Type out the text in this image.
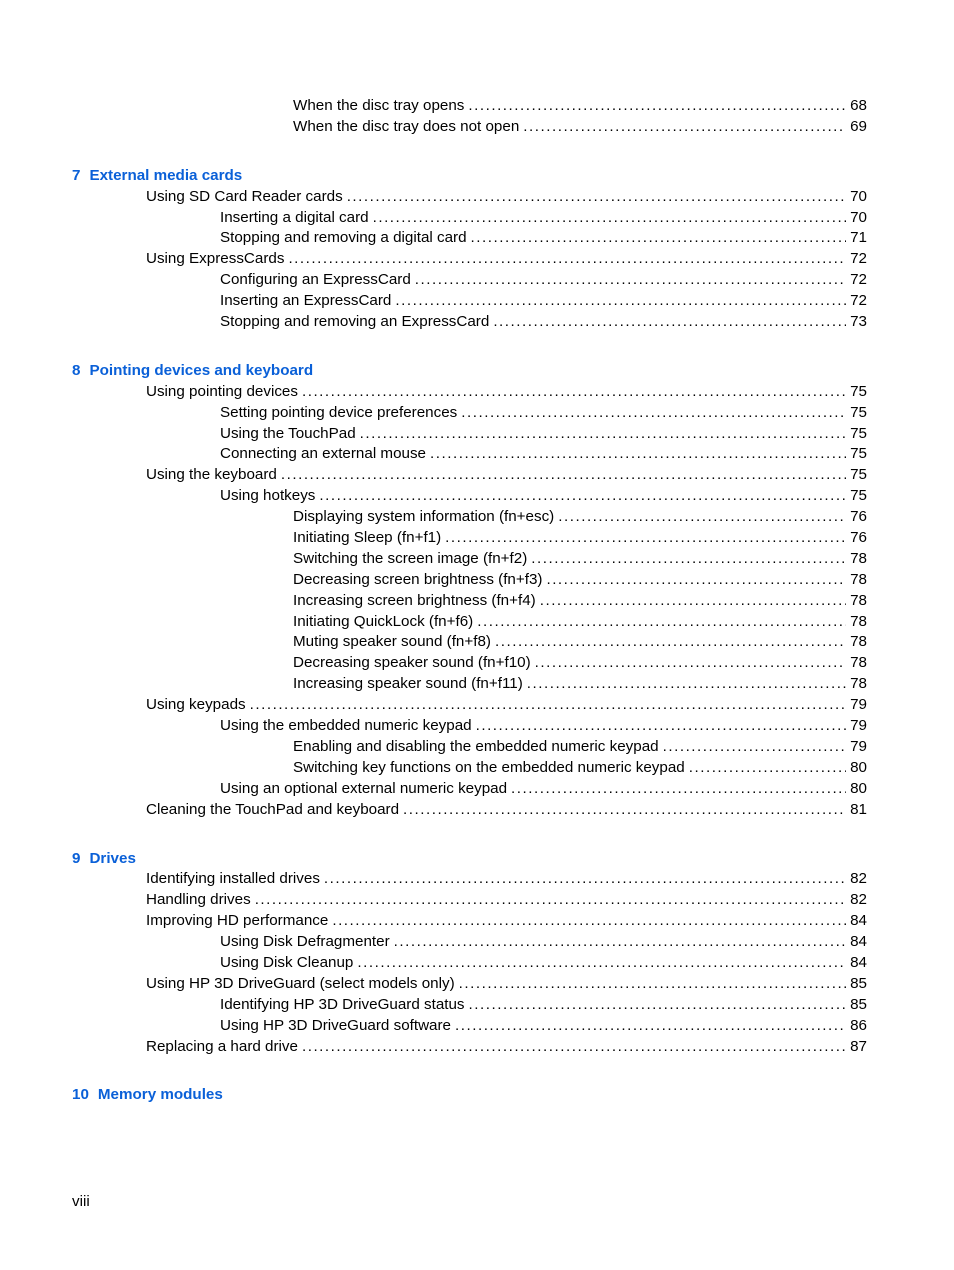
When the disc tray opens . . .	68
When the disc tray does not open . . .	69
7 External media cards
Using SD Card Reader cards . . .	70
Inserting a digital card . . .	70
Stopping and removing a digital card . . .	71
Using ExpressCards . . .	72
Configuring an ExpressCard . . .	72
Inserting an ExpressCard . . .	72
Stopping and removing an ExpressCard . . .	73
8 Pointing devices and keyboard
Using pointing devices . . .	75
Setting pointing device preferences . . .	75
Using the TouchPad . . .	75
Connecting an external mouse . . .	75
Using the keyboard . . .	75
Using hotkeys . . .	75
Displaying system information (fn+esc) . . .	76
Initiating Sleep (fn+f1) . . .	76
Switching the screen image (fn+f2) . . .	78
Decreasing screen brightness (fn+f3) . . .	78
Increasing screen brightness (fn+f4) . . .	78
Initiating QuickLock (fn+f6) . . .	78
Muting speaker sound (fn+f8) . . .	78
Decreasing speaker sound (fn+f10) . . .	78
Increasing speaker sound (fn+f11) . . .	78
Using keypads . . .	79
Using the embedded numeric keypad . . .	79
Enabling and disabling the embedded numeric keypad . . .	79
Switching key functions on the embedded numeric keypad . . .	80
Using an optional external numeric keypad . . .	80
Cleaning the TouchPad and keyboard . . .	81
9 Drives
Identifying installed drives . . .	82
Handling drives . . .	82
Improving HD performance . . .	84
Using Disk Defragmenter . . .	84
Using Disk Cleanup . . .	84
Using HP 3D DriveGuard (select models only) . . .	85
Identifying HP 3D DriveGuard status . . .	85
Using HP 3D DriveGuard software . . .	86
Replacing a hard drive . . .	87
10 Memory modules
viii
